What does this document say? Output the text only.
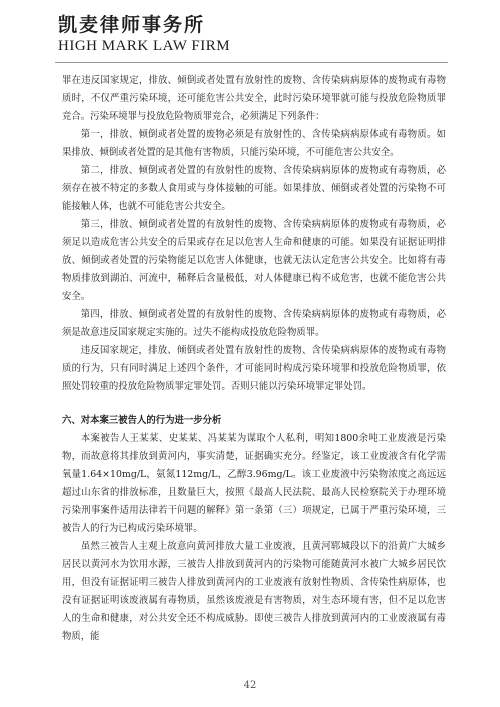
凯麦律师事务所
HIGH MARK LAW FIRM

罪在违反国家规定，排放、倾倒或者处置有放射性的废物、含传染病病原体的废物或有毒物质时，不仅严重污染环境，还可能危害公共安全，此时污染环境罪就可能与投放危险物质罪竞合。污染环境罪与投放危险物质罪竞合，必须满足下列条件：

第一，排放、倾倒或者处置的废物必须是有放射性的、含传染病病原体或有毒物质。如果排放、倾倒或者处置的是其他有害物质，只能污染环境，不可能危害公共安全。

第二，排放、倾倒或者处置的有放射性的废物、含传染病病原体的废物或有毒物质，必须存在被不特定的多数人食用或与身体接触的可能。如果排放、倾倒或者处置的污染物不可能接触人体，也就不可能危害公共安全。

第三，排放、倾倒或者处置的有放射性的废物、含传染病病原体的废物或有毒物质，必须足以造成危害公共安全的后果或存在足以危害人生命和健康的可能。如果没有证据证明排放、倾倒或者处置的污染物能足以危害人体健康，也就无法认定危害公共安全。比如将有毒物质排放到湖泊、河流中，稀释后含量极低，对人体健康已构不成危害，也就不能危害公共安全。

第四，排放、倾倒或者处置的有放射性的废物、含传染病病原体的废物或有毒物质，必须是故意违反国家规定实施的。过失不能构成投放危险物质罪。

违反国家规定，排放、倾倒或者处置有放射性的废物、含传染病病原体的废物或有毒物质的行为，只有同时满足上述四个条件，才可能同时构成污染环境罪和投放危险物质罪，依照处罚较重的投放危险物质罪定罪处罚。否则只能以污染环境罪定罪处罚。

六、对本案三被告人的行为进一步分析

本案被告人王某某、史某某、冯某某为谋取个人私利，明知1800余吨工业废液是污染物，而故意将其排放到黄河内，事实清楚，证据确实充分。经鉴定，该工业废液含有化学需氧量1.64×10mg/L，氨氮112mg/L，乙醇3.96mg/L。该工业废液中污染物浓度之高远远超过山东省的排放标准，且数量巨大，按照《最高人民法院、最高人民检察院关于办理环境污染刑事案件适用法律若干问题的解释》第一条第（三）项规定，已属于严重污染环境，三被告人的行为已构成污染环境罪。

虽然三被告人主观上故意向黄河排放大量工业废液，且黄河郓城段以下的沿黄广大城乡居民以黄河水为饮用水源，三被告人排放到黄河内的污染物可能随黄河水被广大城乡居民饮用，但没有证据证明三被告人排放到黄河内的工业废液有放射性物质、含传染性病原体，也没有证据证明该废液属有毒物质，虽然该废液是有害物质，对生态环境有害，但不足以危害人的生命和健康，对公共安全还不构成威胁。即使三被告人排放到黄河内的工业废液属有毒物质，能

42
